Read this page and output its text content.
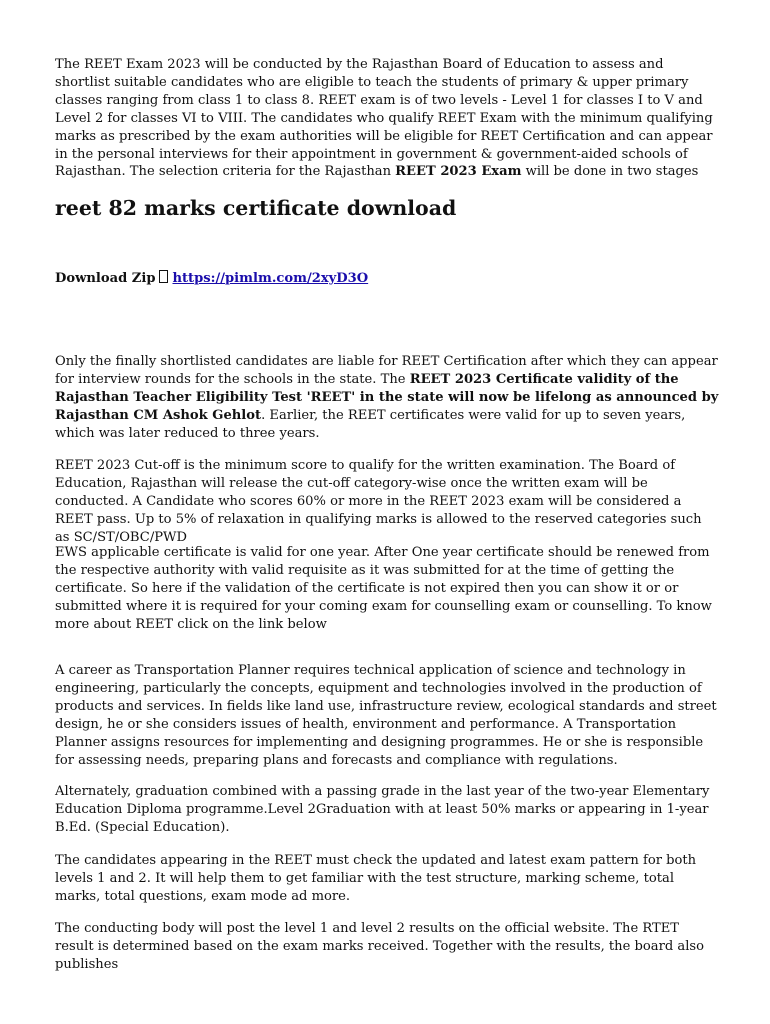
The REET Exam 2023 will be conducted by the Rajasthan Board of Education to assess and shortlist suitable candidates who are eligible to teach the students of primary & upper primary classes ranging from class 1 to class 8. REET exam is of two levels - Level 1 for classes I to V and Level 2 for classes VI to VIII. The candidates who qualify REET Exam with the minimum qualifying marks as prescribed by the exam authorities will be eligible for REET Certification and can appear in the personal interviews for their appointment in government & government-aided schools of Rajasthan. The selection criteria for the Rajasthan REET 2023 Exam will be done in two stages

reet 82 marks certificate download
Download Zip https://pimlm.com/2xyD3O

Only the finally shortlisted candidates are liable for REET Certification after which they can appear for interview rounds for the schools in the state. The REET 2023 Certificate validity of the Rajasthan Teacher Eligibility Test 'REET' in the state will now be lifelong as announced by Rajasthan CM Ashok Gehlot. Earlier, the REET certificates were valid for up to seven years, which was later reduced to three years.

REET 2023 Cut-off is the minimum score to qualify for the written examination. The Board of Education, Rajasthan will release the cut-off category-wise once the written exam will be conducted. A Candidate who scores 60% or more in the REET 2023 exam will be considered a REET pass. Up to 5% of relaxation in qualifying marks is allowed to the reserved categories such as SC/ST/OBC/PWD

EWS applicable certificate is valid for one year. After One year certificate should be renewed from the respective authority with valid requisite as it was submitted for at the time of getting the certificate. So here if the validation of the certificate is not expired then you can show it or or submitted where it is required for your coming exam for counselling exam or counselling. To know more about REET click on the link below

A career as Transportation Planner requires technical application of science and technology in engineering, particularly the concepts, equipment and technologies involved in the production of products and services. In fields like land use, infrastructure review, ecological standards and street design, he or she considers issues of health, environment and performance. A Transportation Planner assigns resources for implementing and designing programmes. He or she is responsible for assessing needs, preparing plans and forecasts and compliance with regulations.

Alternately, graduation combined with a passing grade in the last year of the two-year Elementary Education Diploma programme.Level 2Graduation with at least 50% marks or appearing in 1-year B.Ed. (Special Education).

The candidates appearing in the REET must check the updated and latest exam pattern for both levels 1 and 2. It will help them to get familiar with the test structure, marking scheme, total marks, total questions, exam mode ad more.

The conducting body will post the level 1 and level 2 results on the official website. The RTET result is determined based on the exam marks received. Together with the results, the board also publishes
